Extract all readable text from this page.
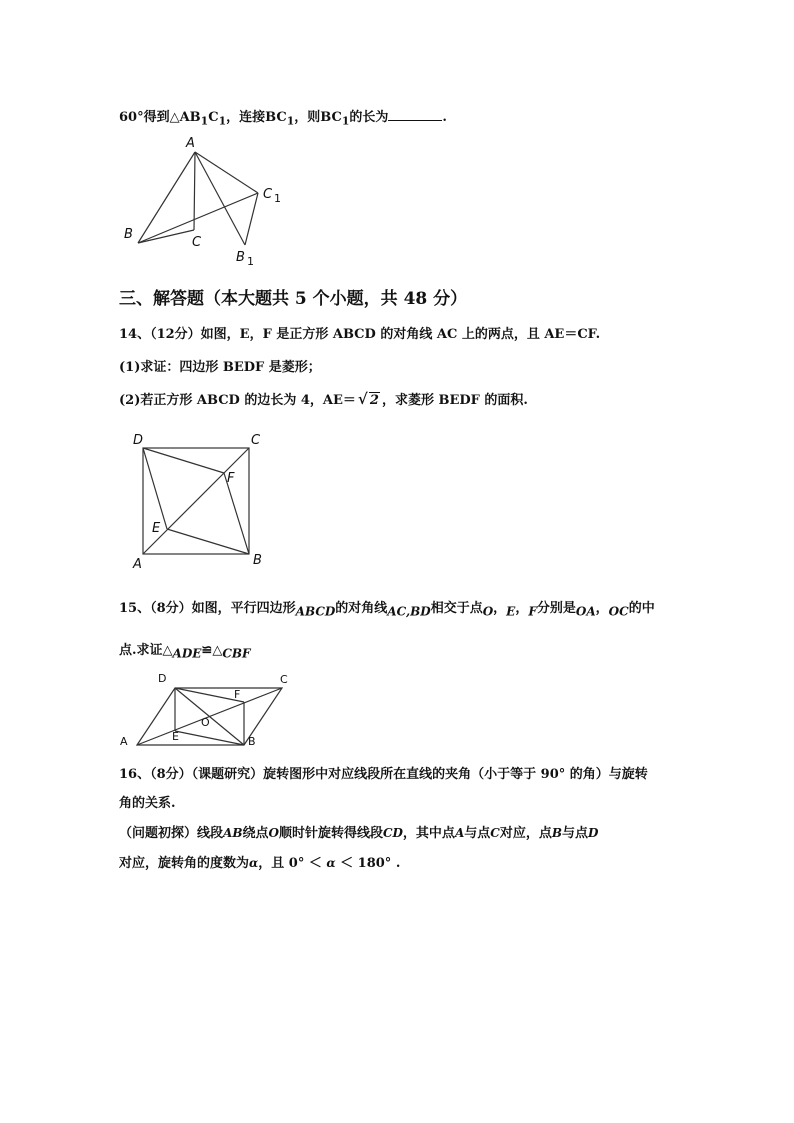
60°得到$\triangle AB_1C_1$，连接$BC_1$，则$BC_1$的长为	.
A
B
C
C 1
B 1
三、解答题（本大题共 5 个小题，共 48 分）
14、（12分）如图，E，F 是正方形 ABCD 的对角线 AC 上的两点，且 AE＝CF.
(1)求证：四边形 BEDF 是菱形；
(2)若正方形 ABCD 的边长为 4，AE＝ √ 2 ，求菱形 BEDF 的面积.
D	C
A	B
E
F
15、（8分）如图，平行四边形$_{ABCD}$的对角线$_{AC,BD}$相交于点$_O$，$_E$，$_F$分别是$_{OA}$，$_{OC}$的中
点.求证$\triangle_{ADE}≌\triangle_{CBF}$
D	C
A	B
E
F
O
16、（8分）（课题研究）旋转图形中对应线段所在直线的夹角（小于等于 90° 的角）与旋转
角的关系.
（问题初探）线段AB绕点O顺时针旋转得线段CD，其中点A与点C对应，点B与点D
对应，旋转角的度数为α，且 0° ＜ α ＜ 180° .
